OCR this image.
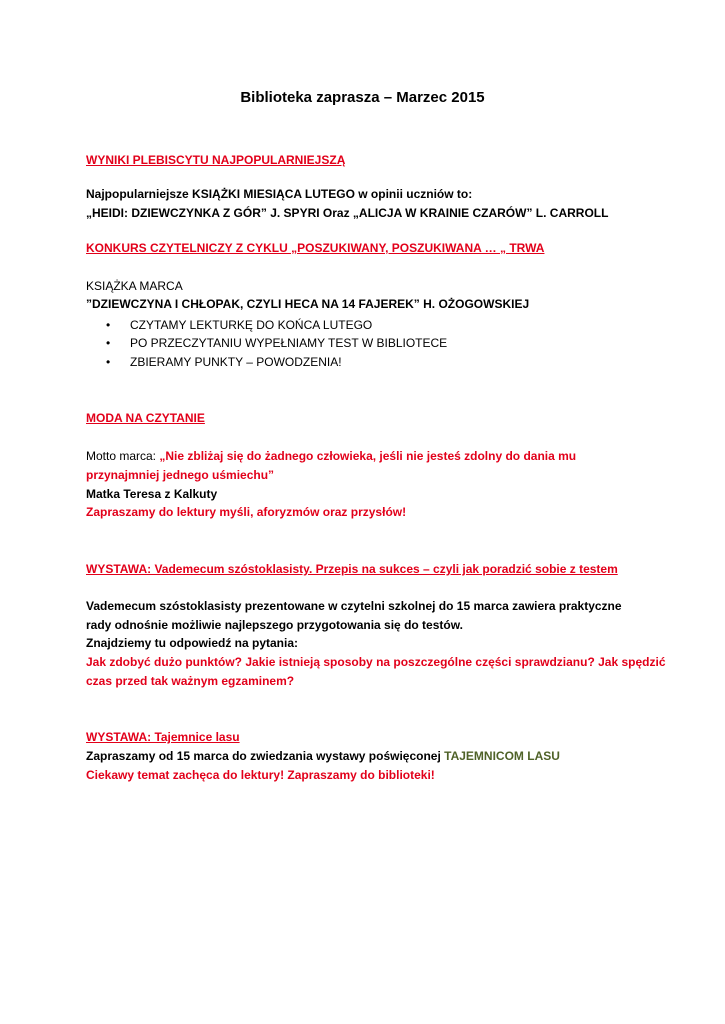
Biblioteka zaprasza – Marzec 2015
WYNIKI PLEBISCYTU NAJPOPULARNIEJSZĄ
Najpopularniejsze KSIĄŻKI MIESIĄCA LUTEGO w opinii uczniów to:
„HEIDI: DZIEWCZYNKA Z GÓR” J. SPYRI Oraz „ALICJA W KRAINIE CZARÓW” L. CARROLL
KONKURS CZYTELNICZY Z CYKLU „POSZUKIWANY, POSZUKIWANA … „ TRWA
KSIĄŻKA MARCA
”DZIEWCZYNA I CHŁOPAK, CZYLI HECA NA 14 FAJEREK” H. OŻOGOWSKIEJ
• CZYTAMY LEKTURKĘ DO KOŃCA LUTEGO
• PO PRZECZYTANIU WYPEŁNIAMY TEST W BIBLIOTECE
• ZBIERAMY PUNKTY – POWODZENIA!
MODA NA CZYTANIE
Motto marca: „Nie zbliżaj się do żadnego człowieka, jeśli nie jesteś zdolny do dania mu
przynajmniej jednego uśmiechu”
Matka Teresa z Kalkuty
Zapraszamy do lektury myśli, aforyzmów oraz przysłów!
WYSTAWA: Vademecum szóstoklasisty. Przepis na sukces – czyli jak poradzić sobie z testem
Vademecum szóstoklasisty prezentowane w czytelni szkolnej do 15 marca zawiera praktyczne
rady odnośnie możliwie najlepszego przygotowania się do testów.
Znajdziemy tu odpowiedź na pytania:
Jak zdobyć dużo punktów? Jakie istnieją sposoby na poszczególne części sprawdzianu? Jak spędzić
czas przed tak ważnym egzaminem?
WYSTAWA: Tajemnice lasu
Zapraszamy od 15 marca do zwiedzania wystawy poświęconej TAJEMNICOM LASU
Ciekawy temat zachęca do lektury! Zapraszamy do biblioteki!
